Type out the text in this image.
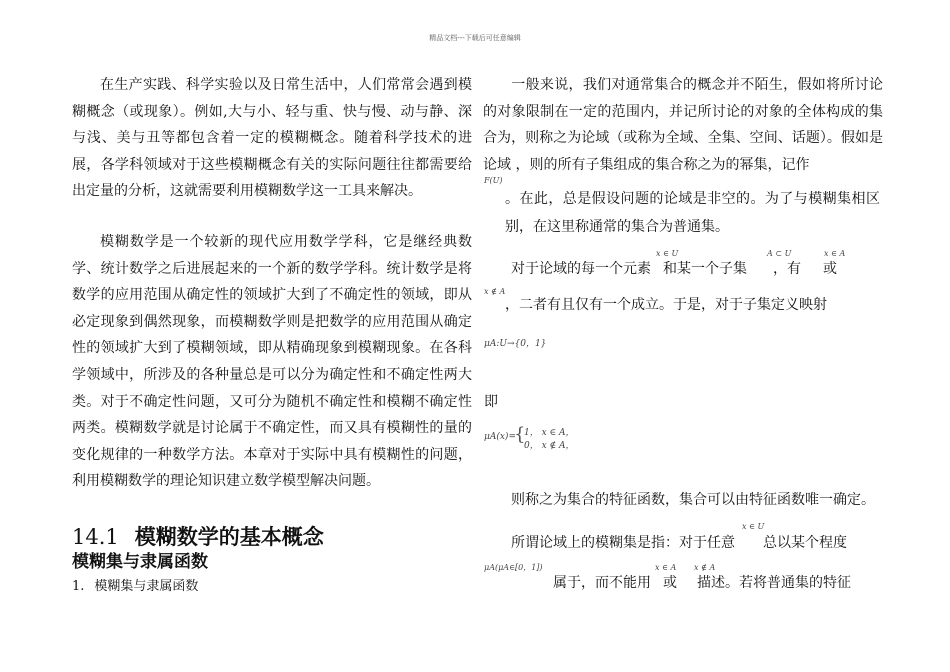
精品文档---下载后可任意编辑

在生产实践、科学实验以及日常生活中，人们常常会遇到模糊概念（或现象）。例如,大与小、轻与重、快与慢、动与静、深与浅、美与丑等都包含着一定的模糊概念。随着科学技术的进展，各学科领域对于这些模糊概念有关的实际问题往往都需要给出定量的分析，这就需要利用模糊数学这一工具来解决。

模糊数学是一个较新的现代应用数学学科，它是继经典数学、统计数学之后进展起来的一个新的数学学科。统计数学是将数学的应用范围从确定性的领域扩大到了不确定性的领域，即从必定现象到偶然现象，而模糊数学则是把数学的应用范围从确定性的领域扩大到了模糊领域，即从精确现象到模糊现象。在各科学领域中，所涉及的各种量总是可以分为确定性和不确定性两大类。对于不确定性问题，又可分为随机不确定性和模糊不确定性两类。模糊数学就是讨论属于不确定性，而又具有模糊性的量的变化规律的一种数学方法。本章对于实际中具有模糊性的问题，利用模糊数学的理论知识建立数学模型解决问题。

14.1 模糊数学的基本概念
模糊集与隶属函数
1. 模糊集与隶属函数
一般来说，我们对通常集合的概念并不陌生，假如将所讨论的对象限制在一定的范围内，并记所讨论的对象的全体构成的集合为，则称之为论域（或称为全域、全集、空间、话题）。假如是论域 ，则的所有子集组成的集合称之为的幂集，记作
F(U)
。在此，总是假设问题的论域是非空的。为了与模糊集相区别，在这里称通常的集合为普通集。
x ∈ U	A ⊂ U	x ∈ A
对于论域的每一个元素 和某一个子集 ，有 或
x ∉ A
，二者有且仅有一个成立。于是，对于子集定义映射
μA:U→{0，1}
即
μA(x)=
{
1， x ∈ A，
0， x ∉ A，
则称之为集合的特征函数，集合可以由特征函数唯一确定。
x ∈ U
所谓论域上的模糊集是指：对于任意 总以某个程度
μA(μA∈[0，1])	x ∈ A x ∉ A
属于，而不能用 或 描述。若将普通集的特征
